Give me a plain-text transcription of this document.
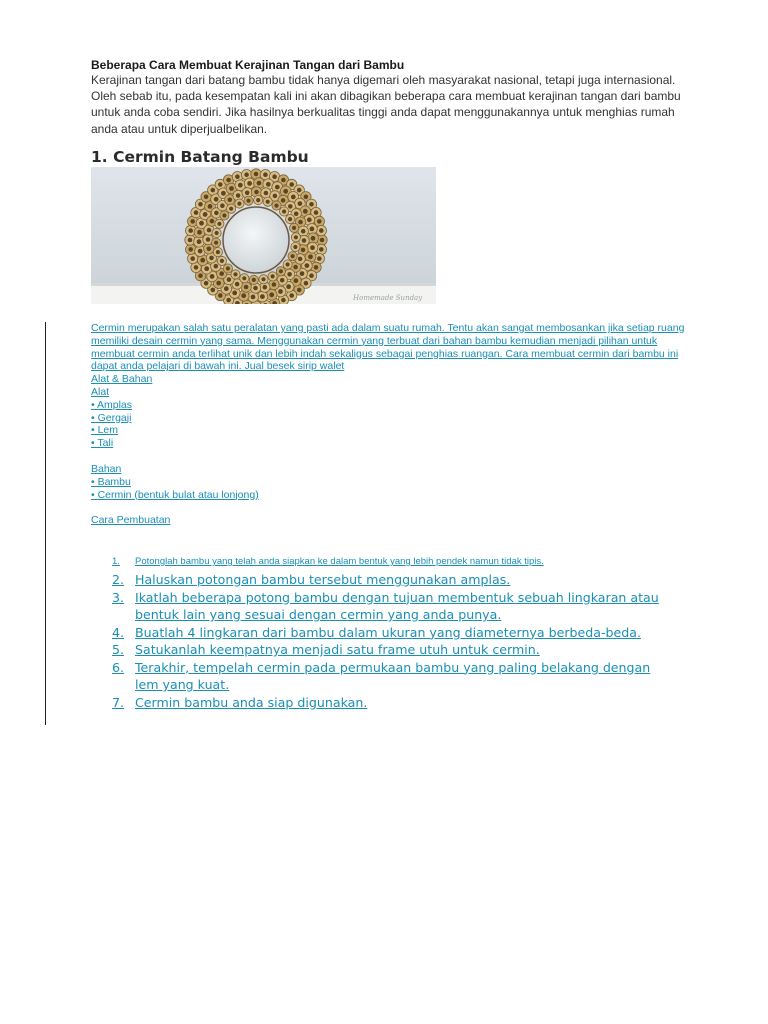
Beberapa Cara Membuat Kerajinan Tangan dari Bambu
Kerajinan tangan dari batang bambu tidak hanya digemari oleh masyarakat nasional, tetapi juga internasional. Oleh sebab itu, pada kesempatan kali ini akan dibagikan beberapa cara membuat kerajinan tangan dari bambu untuk anda coba sendiri. Jika hasilnya berkualitas tinggi anda dapat menggunakannya untuk menghias rumah anda atau untuk diperjualbelikan.
1. Cermin Batang Bambu
Homemade Sunday
Cermin merupakan salah satu peralatan yang pasti ada dalam suatu rumah. Tentu akan sangat membosankan jika setiap ruang memiliki desain cermin yang sama. Menggunakan cermin yang terbuat dari bahan bambu kemudian menjadi pilihan untuk membuat cermin anda terlihat unik dan lebih indah sekaligus sebagai penghias ruangan. Cara membuat cermin dari bambu ini dapat anda pelajari di bawah ini. Jual besek sirip walet
Alat & Bahan
Alat
• Amplas
• Gergaji
• Lem
• Tali
Bahan
• Bambu
• Cermin (bentuk bulat atau lonjong)
Cara Pembuatan
1.	Potonglah bambu yang telah anda siapkan ke dalam bentuk yang lebih pendek namun tidak tipis.
2. Haluskan potongan bambu tersebut menggunakan amplas.
3. Ikatlah beberapa potong bambu dengan tujuan membentuk sebuah lingkaran atau bentuk lain yang sesuai dengan cermin yang anda punya.
4. Buatlah 4 lingkaran dari bambu dalam ukuran yang diameternya berbeda-beda.
5. Satukanlah keempatnya menjadi satu frame utuh untuk cermin.
6. Terakhir, tempelah cermin pada permukaan bambu yang paling belakang dengan lem yang kuat.
7. Cermin bambu anda siap digunakan.
